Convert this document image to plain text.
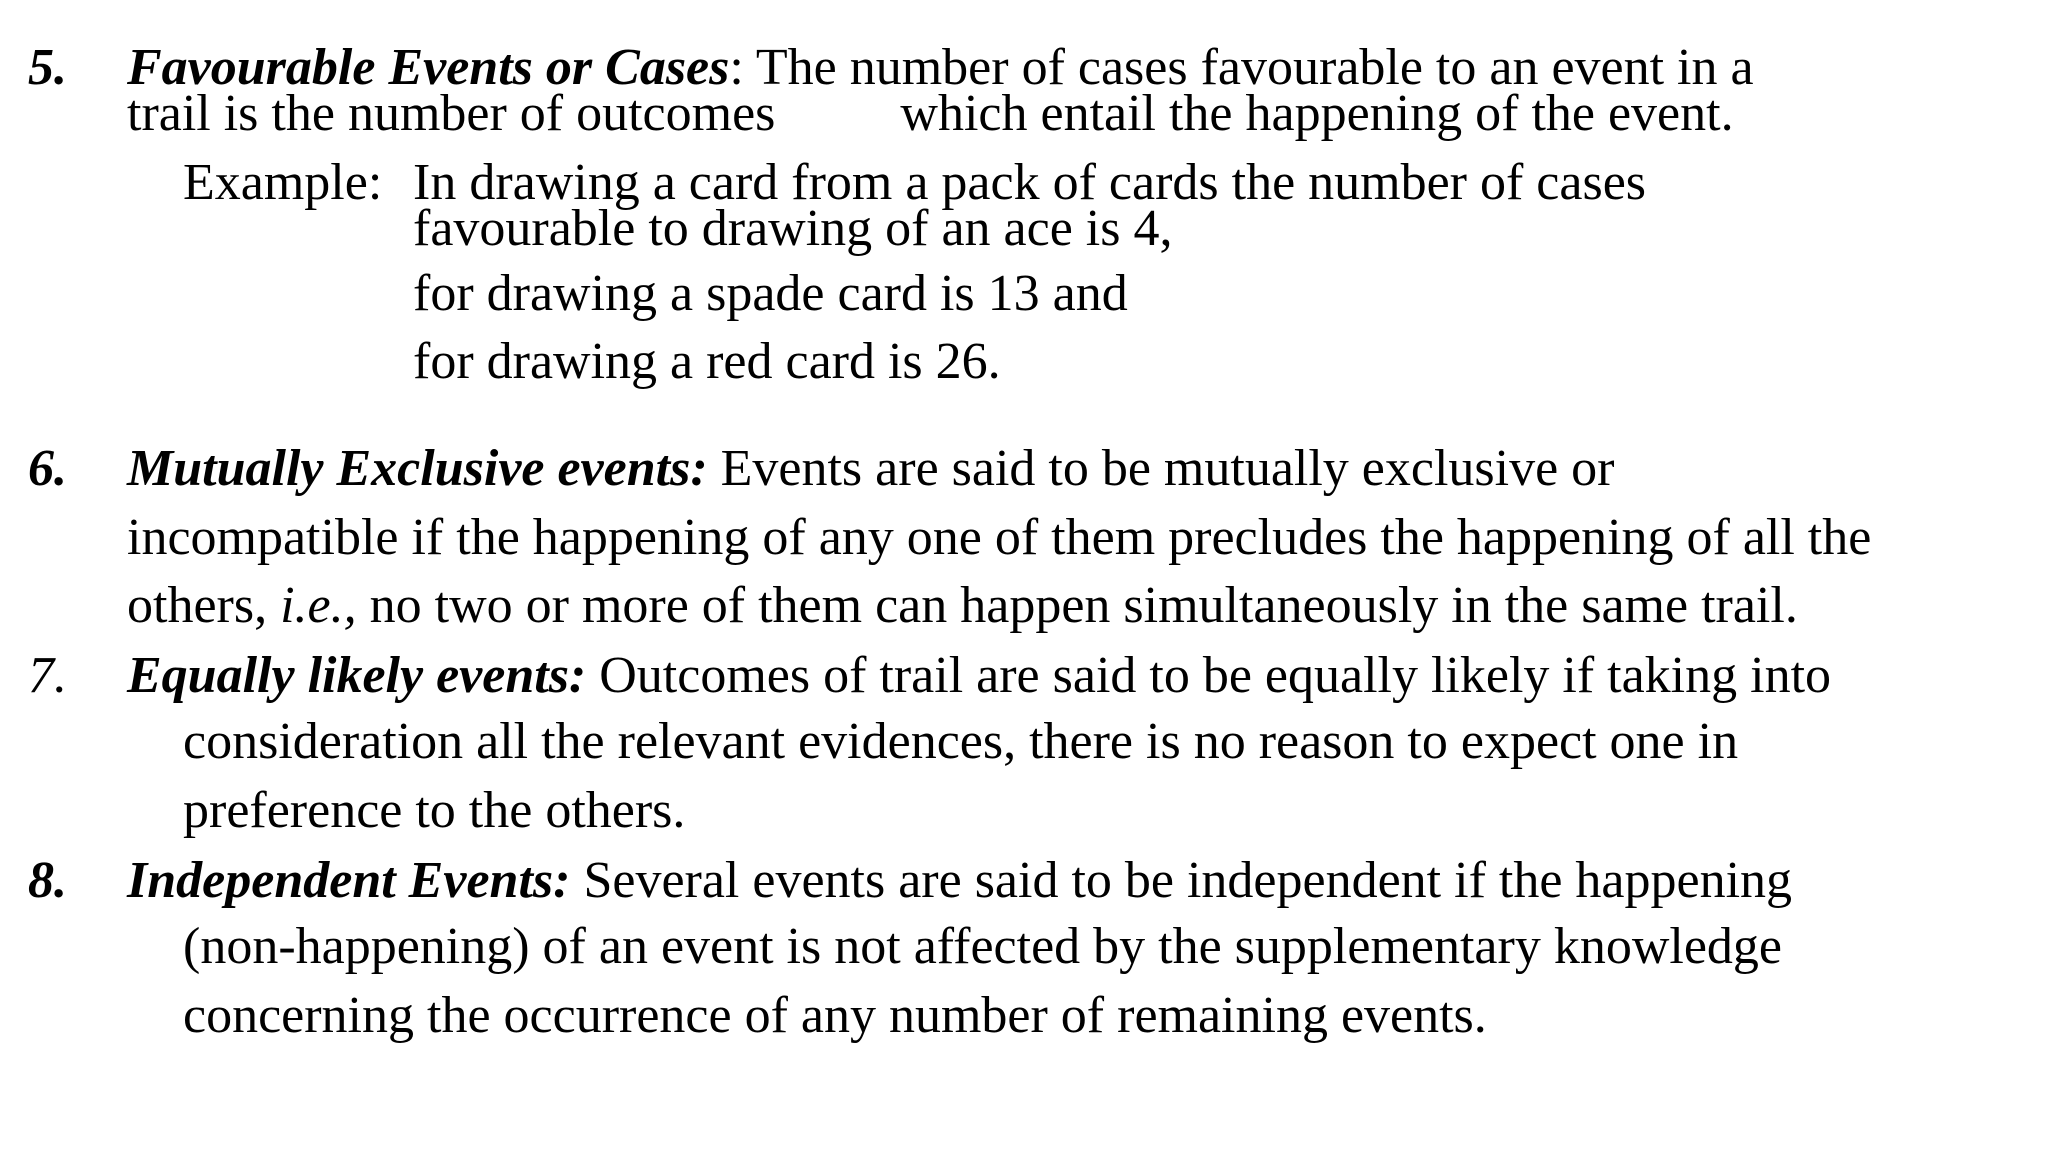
5. Favourable Events or Cases: The number of cases favourable to an event in a
trail is the number of outcomes which entail the happening of the event.
Example: In drawing a card from a pack of cards the number of cases
favourable to drawing of an ace is 4,
for drawing a spade card is 13 and
for drawing a red card is 26.
6. Mutually Exclusive events: Events are said to be mutually exclusive or
incompatible if the happening of any one of them precludes the happening of all the
others, i.e., no two or more of them can happen simultaneously in the same trail.
7. Equally likely events: Outcomes of trail are said to be equally likely if taking into
consideration all the relevant evidences, there is no reason to expect one in
preference to the others.
8. Independent Events: Several events are said to be independent if the happening
(non-happening) of an event is not affected by the supplementary knowledge
concerning the occurrence of any number of remaining events.
